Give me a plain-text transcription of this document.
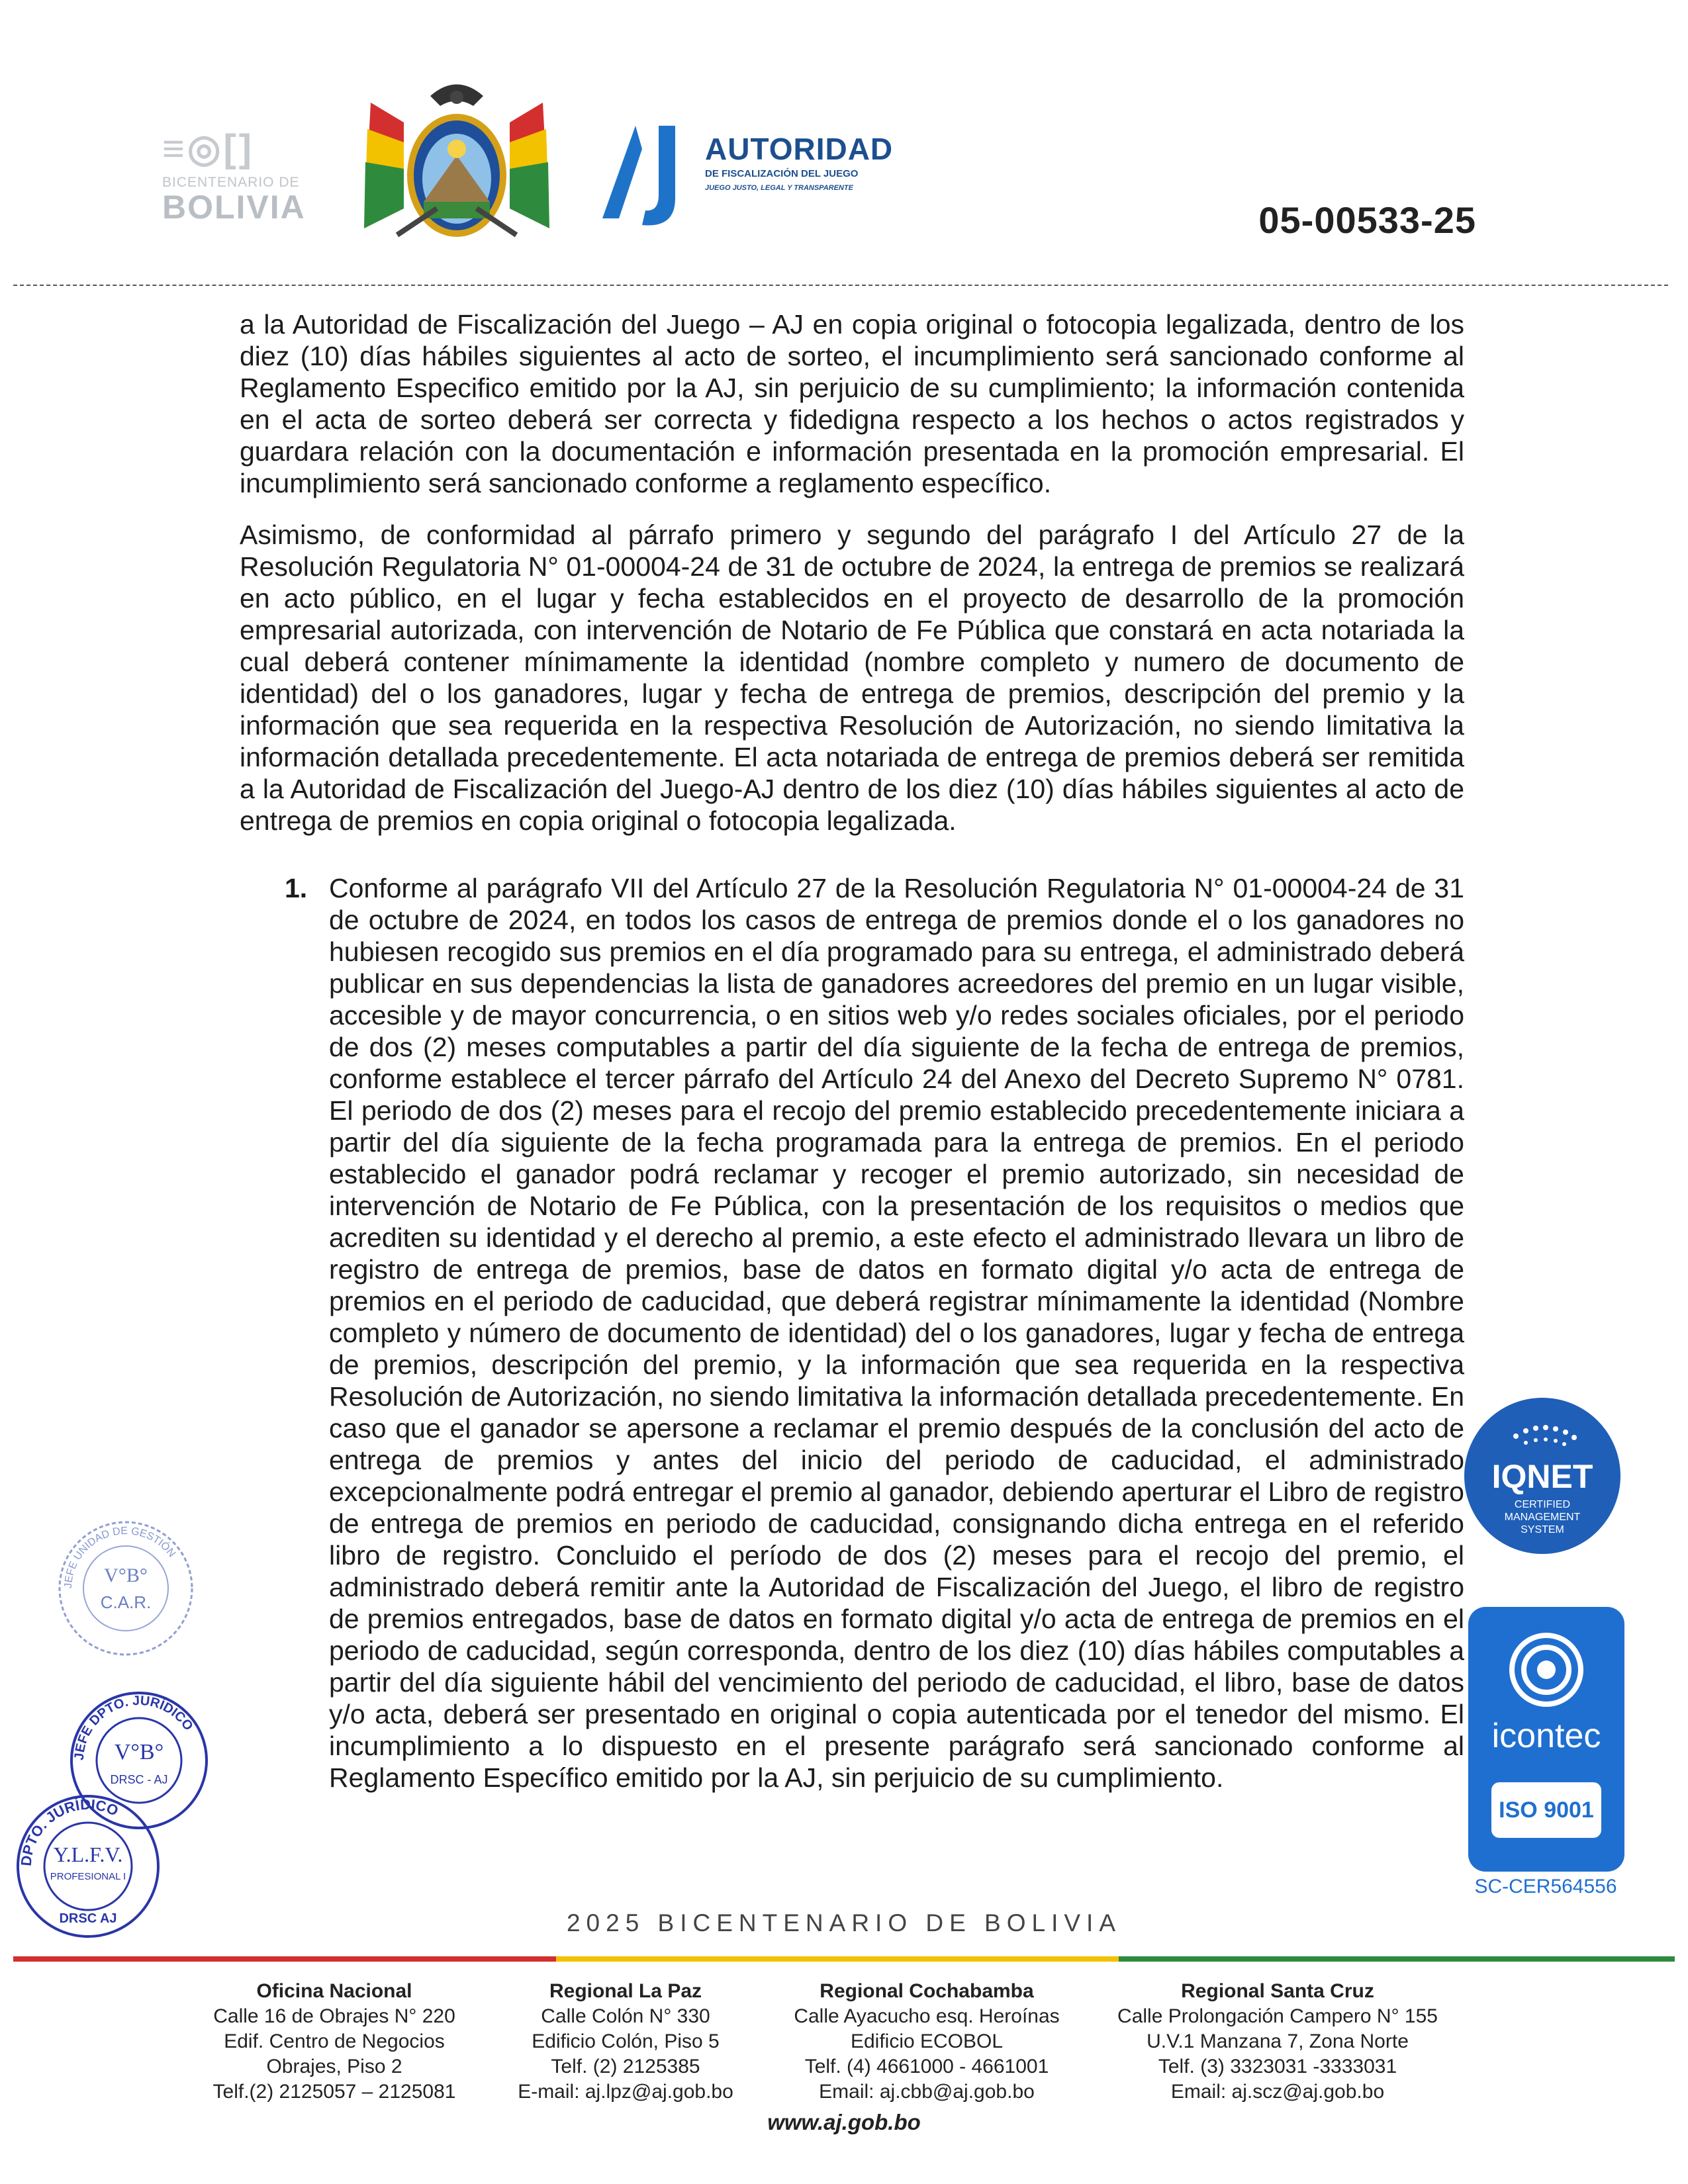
≡◎[]
BICENTENARIO DE
BOLIVIA
AUTORIDAD
DE FISCALIZACIÓN DEL JUEGO
JUEGO JUSTO, LEGAL Y TRANSPARENTE
05-00533-25

a la Autoridad de Fiscalización del Juego – AJ en copia original o fotocopia legalizada, dentro de los diez (10) días hábiles siguientes al acto de sorteo, el incumplimiento será sancionado conforme al Reglamento Especifico emitido por la AJ, sin perjuicio de su cumplimiento; la información contenida en el acta de sorteo deberá ser correcta y fidedigna respecto a los hechos o actos registrados y guardara relación con la documentación e información presentada en la promoción empresarial. El incumplimiento será sancionado conforme a reglamento específico.

Asimismo, de conformidad al párrafo primero y segundo del parágrafo I del Artículo 27 de la Resolución Regulatoria N° 01-00004-24 de 31 de octubre de 2024, la entrega de premios se realizará en acto público, en el lugar y fecha establecidos en el proyecto de desarrollo de la promoción empresarial autorizada, con intervención de Notario de Fe Pública que constará en acta notariada la cual deberá contener mínimamente la identidad (nombre completo y numero de documento de identidad) del o los ganadores, lugar y fecha de entrega de premios, descripción del premio y la información que sea requerida en la respectiva Resolución de Autorización, no siendo limitativa la información detallada precedentemente. El acta notariada de entrega de premios deberá ser remitida a la Autoridad de Fiscalización del Juego-AJ dentro de los diez (10) días hábiles siguientes al acto de entrega de premios en copia original o fotocopia legalizada.

1. Conforme al parágrafo VII del Artículo 27 de la Resolución Regulatoria N° 01-00004-24 de 31 de octubre de 2024, en todos los casos de entrega de premios donde el o los ganadores no hubiesen recogido sus premios en el día programado para su entrega, el administrado deberá publicar en sus dependencias la lista de ganadores acreedores del premio en un lugar visible, accesible y de mayor concurrencia, o en sitios web y/o redes sociales oficiales, por el periodo de dos (2) meses computables a partir del día siguiente de la fecha de entrega de premios, conforme establece el tercer párrafo del Artículo 24 del Anexo del Decreto Supremo N° 0781. El periodo de dos (2) meses para el recojo del premio establecido precedentemente iniciara a partir del día siguiente de la fecha programada para la entrega de premios. En el periodo establecido el ganador podrá reclamar y recoger el premio autorizado, sin necesidad de intervención de Notario de Fe Pública, con la presentación de los requisitos o medios que acrediten su identidad y el derecho al premio, a este efecto el administrado llevara un libro de registro de entrega de premios, base de datos en formato digital y/o acta de entrega de premios en el periodo de caducidad, que deberá registrar mínimamente la identidad (Nombre completo y número de documento de identidad) del o los ganadores, lugar y fecha de entrega de premios, descripción del premio, y la información que sea requerida en la respectiva Resolución de Autorización, no siendo limitativa la información detallada precedentemente. En caso que el ganador se apersone a reclamar el premio después de la conclusión del acto de entrega de premios y antes del inicio del periodo de caducidad, el administrado excepcionalmente podrá entregar el premio al ganador, debiendo aperturar el Libro de registro de entrega de premios en periodo de caducidad, consignando dicha entrega en el referido libro de registro. Concluido el período de dos (2) meses para el recojo del premio, el administrado deberá remitir ante la Autoridad de Fiscalización del Juego, el libro de registro de premios entregados, base de datos en formato digital y/o acta de entrega de premios en el periodo de caducidad, según corresponda, dentro de los diez (10) días hábiles computables a partir del día siguiente hábil del vencimiento del periodo de caducidad, el libro, base de datos y/o acta, deberá ser presentado en original o copia autenticada por el tenedor del mismo. El incumplimiento a lo dispuesto en el presente parágrafo será sancionado conforme al Reglamento Específico emitido por la AJ, sin perjuicio de su cumplimiento.
JEFE UNIDAD DE GESTIÓN
V°B°
C.A.R.
JEFE DPTO. JURÍDICO
V°B°
DRSC - AJ
DPTO. JURÍDICO
Y.L.F.V.
PROFESIONAL I
DRSC AJ
IQNET
CERTIFIED
MANAGEMENT
SYSTEM
icontec
ISO 9001
SC-CER564556
2025 BICENTENARIO DE BOLIVIA
Oficina Nacional
Calle 16 de Obrajes N° 220
Edif. Centro de Negocios
Obrajes, Piso 2
Telf.(2) 2125057 – 2125081
Regional La Paz
Calle Colón N° 330
Edificio Colón, Piso 5
Telf. (2) 2125385
E-mail: aj.lpz@aj.gob.bo
Regional Cochabamba
Calle Ayacucho esq. Heroínas
Edificio ECOBOL
Telf. (4) 4661000 - 4661001
Email: aj.cbb@aj.gob.bo
Regional Santa Cruz
Calle Prolongación Campero N° 155
U.V.1 Manzana 7, Zona Norte
Telf. (3) 3323031 -3333031
Email: aj.scz@aj.gob.bo
www.aj.gob.bo
